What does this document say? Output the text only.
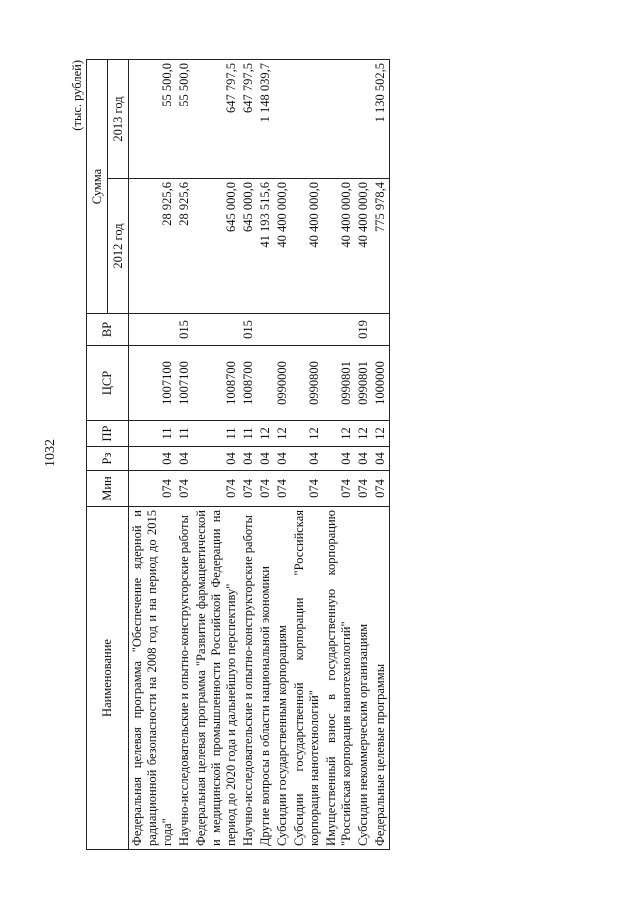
1032
(тыс. рублей)
Наименование	Мин	Рз	ПР	ЦСР	ВР	Сумма	
						2012 год	2013 год
Федеральная целевая программа "Обеспечение ядерной и радиационной безопасности на 2008 год и на период до 2015 года"	074	04	11	1007100		28 925,6	55 500,0
Научно-исследовательские и опытно-конструкторские работы	074	04	11	1007100	015	28 925,6	55 500,0
Федеральная целевая программа "Развитие фармацевтической и медицинской промышленности Российской Федерации на период до 2020 года и дальнейшую перспективу"	074	04	11	1008700		645 000,0	647 797,5
Научно-исследовательские и опытно-конструкторские работы	074	04	11	1008700	015	645 000,0	647 797,5
Другие вопросы в области национальной экономики	074	04	12			41 193 515,6	1 148 039,7
Субсидии государственным корпорациям	074	04	12	0990000		40 400 000,0	
Субсидии государственной корпорации "Российская корпорация нанотехнологий"	074	04	12	0990800		40 400 000,0	
Имущественный взнос в государственную корпорацию "Российская корпорация нанотехнологий"	074	04	12	0990801		40 400 000,0	
Субсидии некоммерческим организациям	074	04	12	0990801	019	40 400 000,0	
Федеральные целевые программы	074	04	12	1000000		775 978,4	1 130 502,5
